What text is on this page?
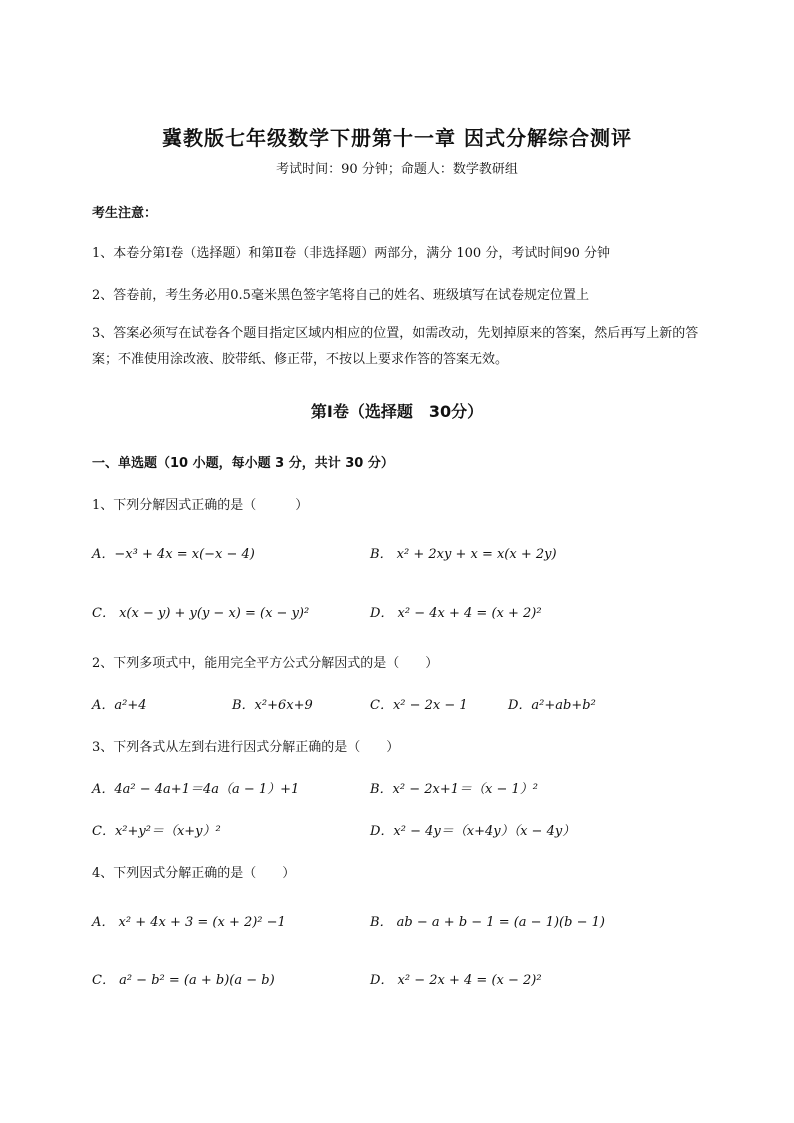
冀教版七年级数学下册第十一章 因式分解综合测评
考试时间：90 分钟；命题人：数学教研组
考生注意：
1、本卷分第Ⅰ卷（选择题）和第Ⅱ卷（非选择题）两部分，满分 100 分，考试时间90 分钟
2、答卷前，考生务必用0.5毫米黑色签字笔将自己的姓名、班级填写在试卷规定位置上
3、答案必须写在试卷各个题目指定区域内相应的位置，如需改动，先划掉原来的答案，然后再写上新的答案；不准使用涂改液、胶带纸、修正带，不按以上要求作答的答案无效。
第Ⅰ卷（选择题　30分）
一、单选题（10 小题，每小题 3 分，共计 30 分）
1、下列分解因式正确的是（　　　）
A．−x³ + 4x = x(−x − 4)	B． x² + 2xy + x = x(x + 2y)
C． x(x − y) + y(y − x) = (x − y)²	D． x² − 4x + 4 = (x + 2)²
2、下列多项式中，能用完全平方公式分解因式的是（　　）
A．a²+4	B．x²+6x+9	C．x² − 2x − 1	D．a²+ab+b²
3、下列各式从左到右进行因式分解正确的是（　　）
A．4a² − 4a+1＝4a（a − 1）+1	B．x² − 2x+1＝（x − 1）²
C．x²+y²＝（x+y）²	D．x² − 4y＝（x+4y）（x − 4y）
4、下列因式分解正确的是（　　）
A． x² + 4x + 3 = (x + 2)² −1	B． ab − a + b − 1 = (a − 1)(b − 1)
C． a² − b² = (a + b)(a − b)	D． x² − 2x + 4 = (x − 2)²
